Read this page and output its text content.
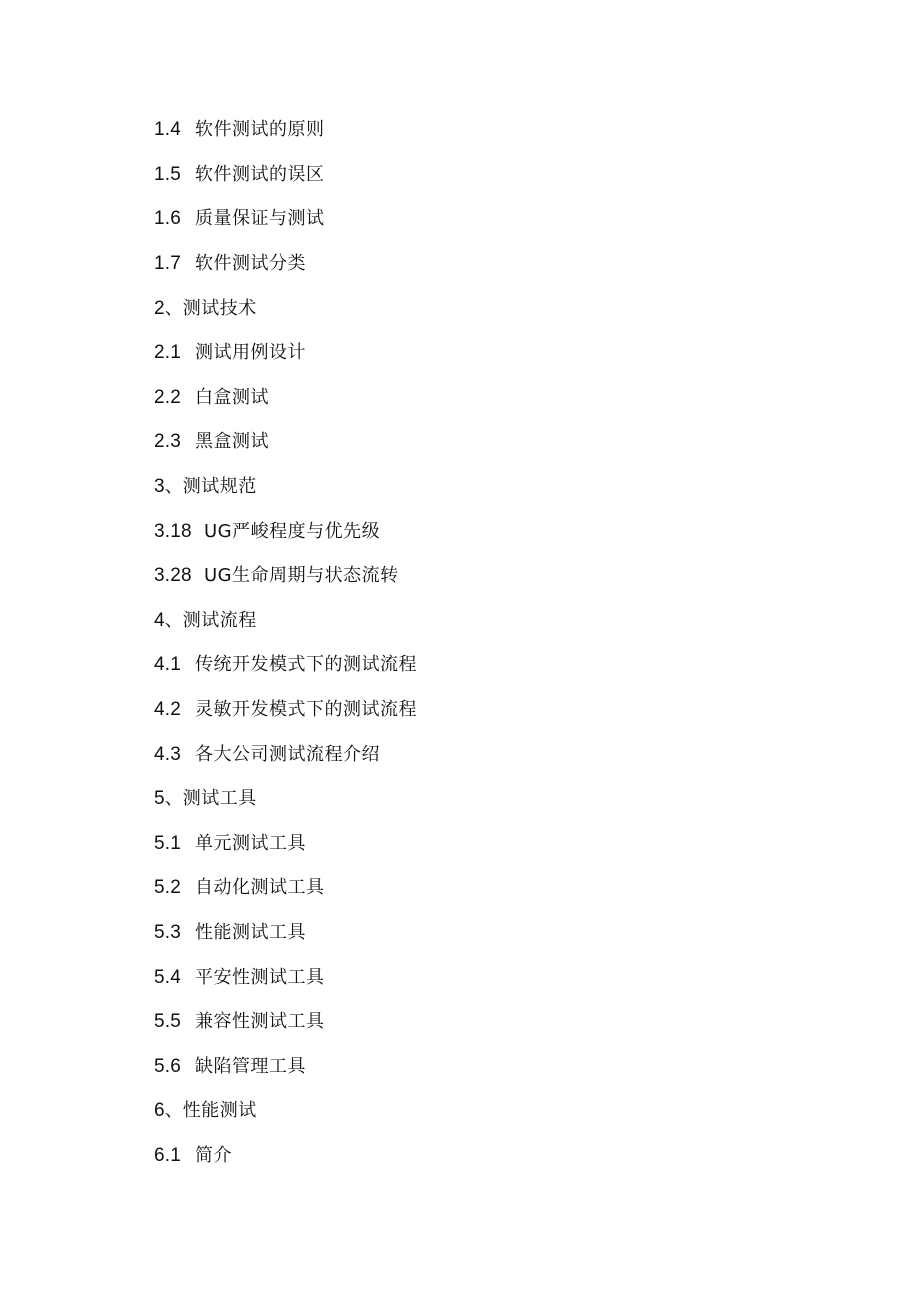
1.4 软件测试的原则
1.5 软件测试的误区
1.6 质量保证与测试
1.7 软件测试分类
2 、 测试技术
2.1 测试用例设计
2.2 白盒测试
2.3 黑盒测试
3 、 测试规范
3.18 UG严峻程度与优先级
3.28 UG生命周期与状态流转
4 、 测试流程
4.1 传统开发模式下的测试流程
4.2 灵敏开发模式下的测试流程
4.3 各大公司测试流程介绍
5 、 测试工具
5.1 单元测试工具
5.2 自动化测试工具
5.3 性能测试工具
5.4 平安性测试工具
5.5 兼容性测试工具
5.6 缺陷管理工具
6 、 性能测试
6.1 简介
